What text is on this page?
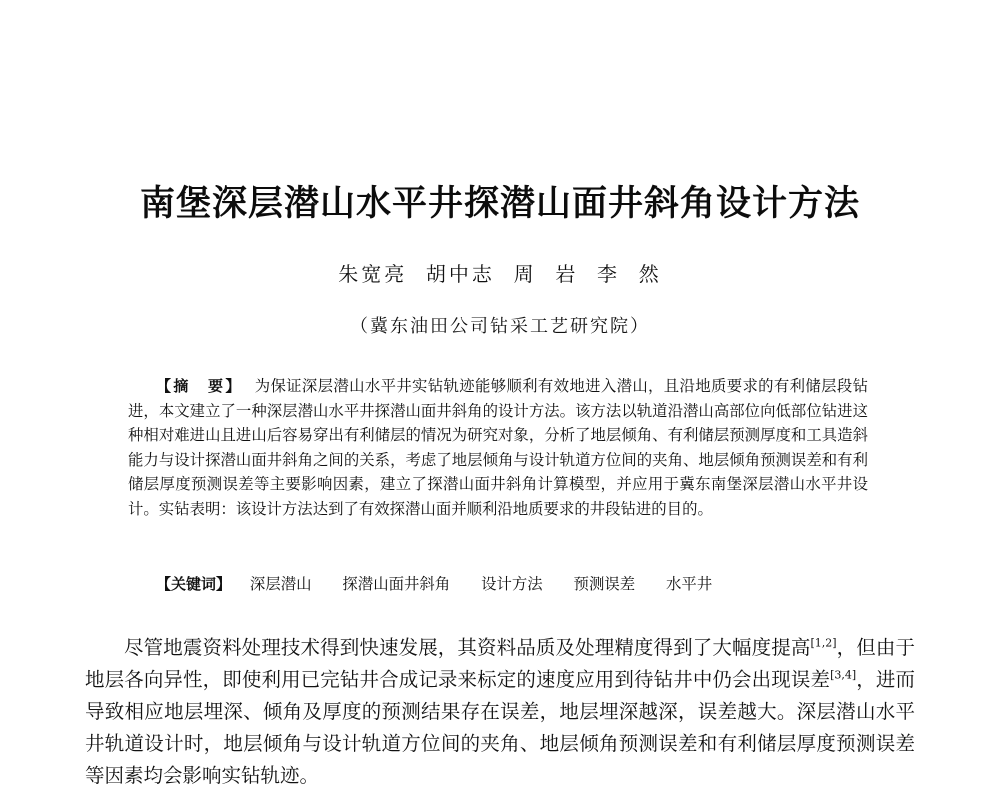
南堡深层潜山水平井探潜山面井斜角设计方法
朱宽亮  胡中志  周  岩  李  然
（冀东油田公司钻采工艺研究院）
【摘　要】 为保证深层潜山水平井实钻轨迹能够顺利有效地进入潜山，且沿地质要求的有利储层段钻进，本文建立了一种深层潜山水平井探潜山面井斜角的设计方法。该方法以轨道沿潜山高部位向低部位钻进这种相对难进山且进山后容易穿出有利储层的情况为研究对象，分析了地层倾角、有利储层预测厚度和工具造斜能力与设计探潜山面井斜角之间的关系，考虑了地层倾角与设计轨道方位间的夹角、地层倾角预测误差和有利储层厚度预测误差等主要影响因素，建立了探潜山面井斜角计算模型，并应用于冀东南堡深层潜山水平井设计。实钻表明：该设计方法达到了有效探潜山面并顺利沿地质要求的井段钻进的目的。
【关键词】 深层潜山 探潜山面井斜角 设计方法 预测误差 水平井
尽管地震资料处理技术得到快速发展，其资料品质及处理精度得到了大幅度提高[1,2]，但由于地层各向异性，即使利用已完钻井合成记录来标定的速度应用到待钻井中仍会出现误差[3,4]，进而导致相应地层埋深、倾角及厚度的预测结果存在误差，地层埋深越深，误差越大。深层潜山水平井轨道设计时，地层倾角与设计轨道方位间的夹角、地层倾角预测误差和有利储层厚度预测误差等因素均会影响实钻轨迹。
